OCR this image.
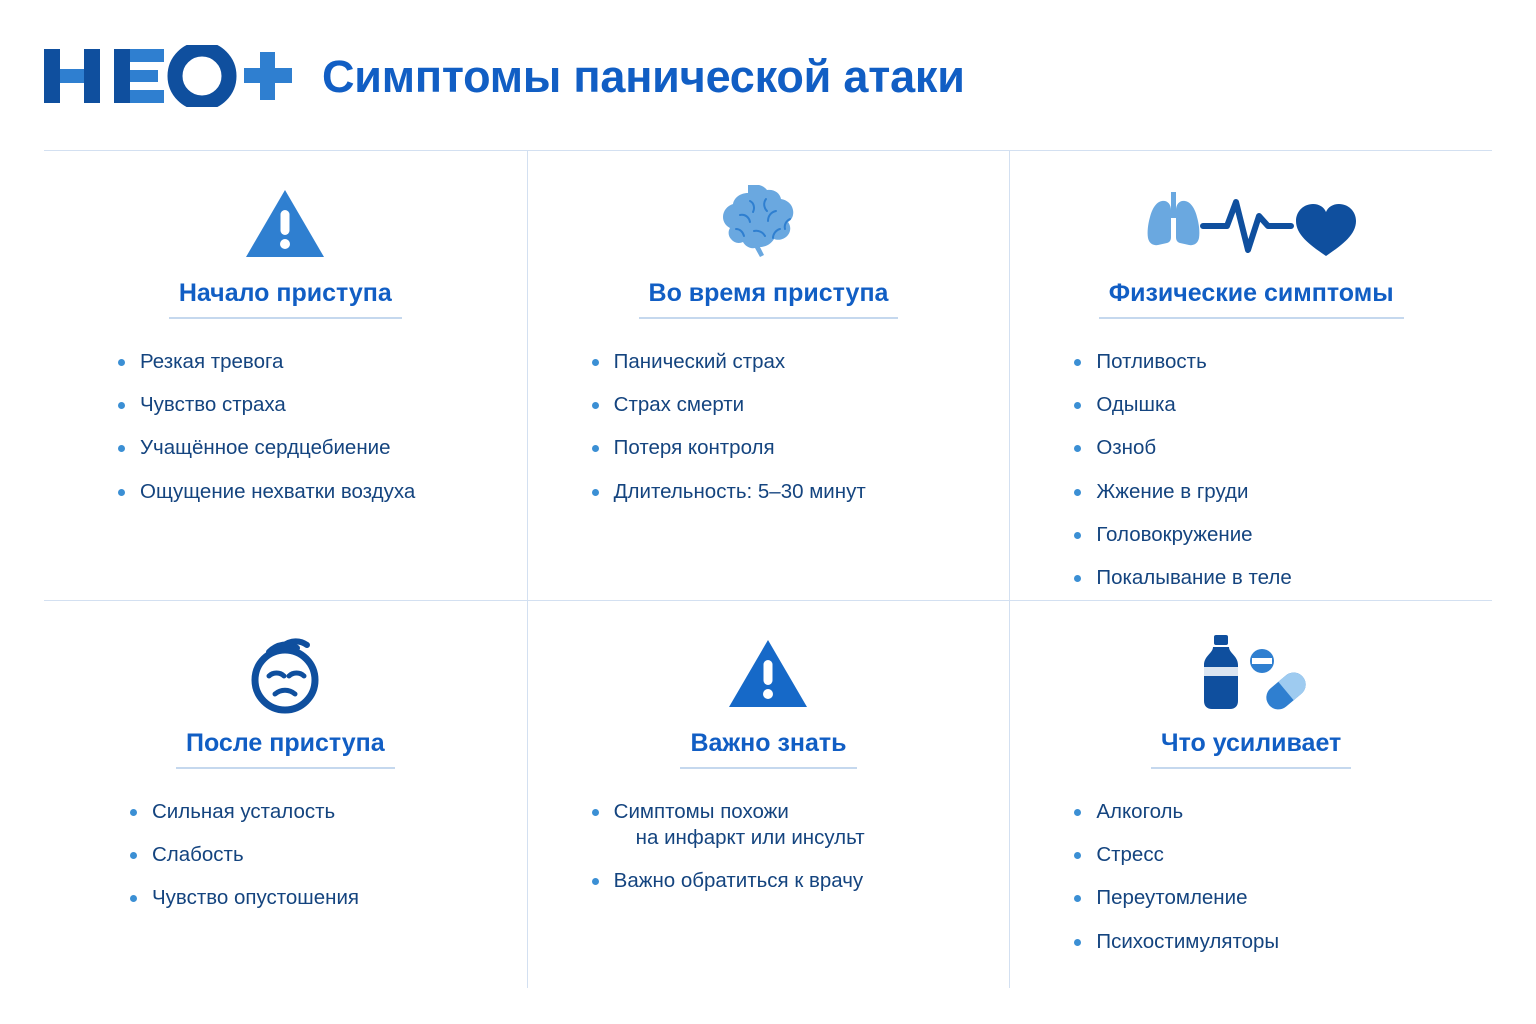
Симптомы панической атаки
Начало приступа
Резкая тревога
Чувство страха
Учащённое сердцебиение
Ощущение нехватки воздуха
Во время приступа
Панический страх
Страх смерти
Потеря контроля
Длительность: 5–30 минут
Физические симптомы
Потливость
Одышка
Озноб
Жжение в груди
Головокружение
Покалывание в теле
После приступа
Сильная усталость
Слабость
Чувство опустошения
Важно знать
Симптомы похожи
на инфаркт или инсульт
Важно обратиться к врачу
Что усиливает
Алкоголь
Стресс
Переутомление
Психостимуляторы
